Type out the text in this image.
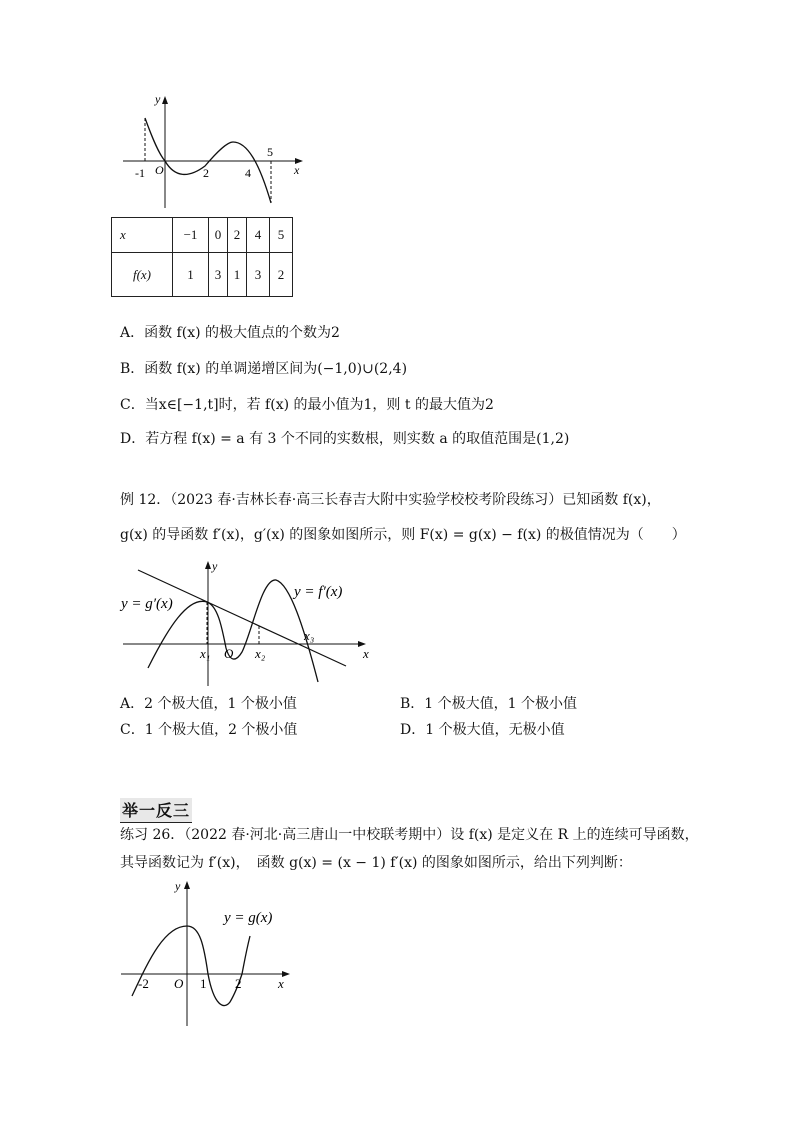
y
x
O
-1	2	4
5
x	−1	0	2	4	5
f(x)	1	3	1	3	2
A．函数 f(x) 的极大值点的个数为2
B．函数 f(x) 的单调递增区间为(−1,0)∪(2,4)
C．当x∈[−1,t]时，若 f(x) 的最小值为1，则 t 的最大值为2
D．若方程 f(x) = a 有 3 个不同的实数根，则实数 a 的取值范围是(1,2)
例 12．（2023 春·吉林长春·高三长春吉大附中实验学校校考阶段练习）已知函数 f(x)，
g(x) 的导函数 f′(x)，g′(x) 的图象如图所示，则 F(x) = g(x) − f(x) 的极值情况为（　　）
y = g′(x)
y = f′(x)
y
x
O
x₁	x₂
x₃
A．2 个极大值，1 个极小值	B．1 个极大值，1 个极小值
C．1 个极大值，2 个极小值	D．1 个极大值，无极小值
举一反三
练习 26．（2022 春·河北·高三唐山一中校联考期中）设 f(x) 是定义在 R 上的连续可导函数，
其导函数记为 f′(x)，　函数 g(x) = (x − 1) f′(x) 的图象如图所示，给出下列判断：
y = g(x)
y
x
O
-2	1 2
